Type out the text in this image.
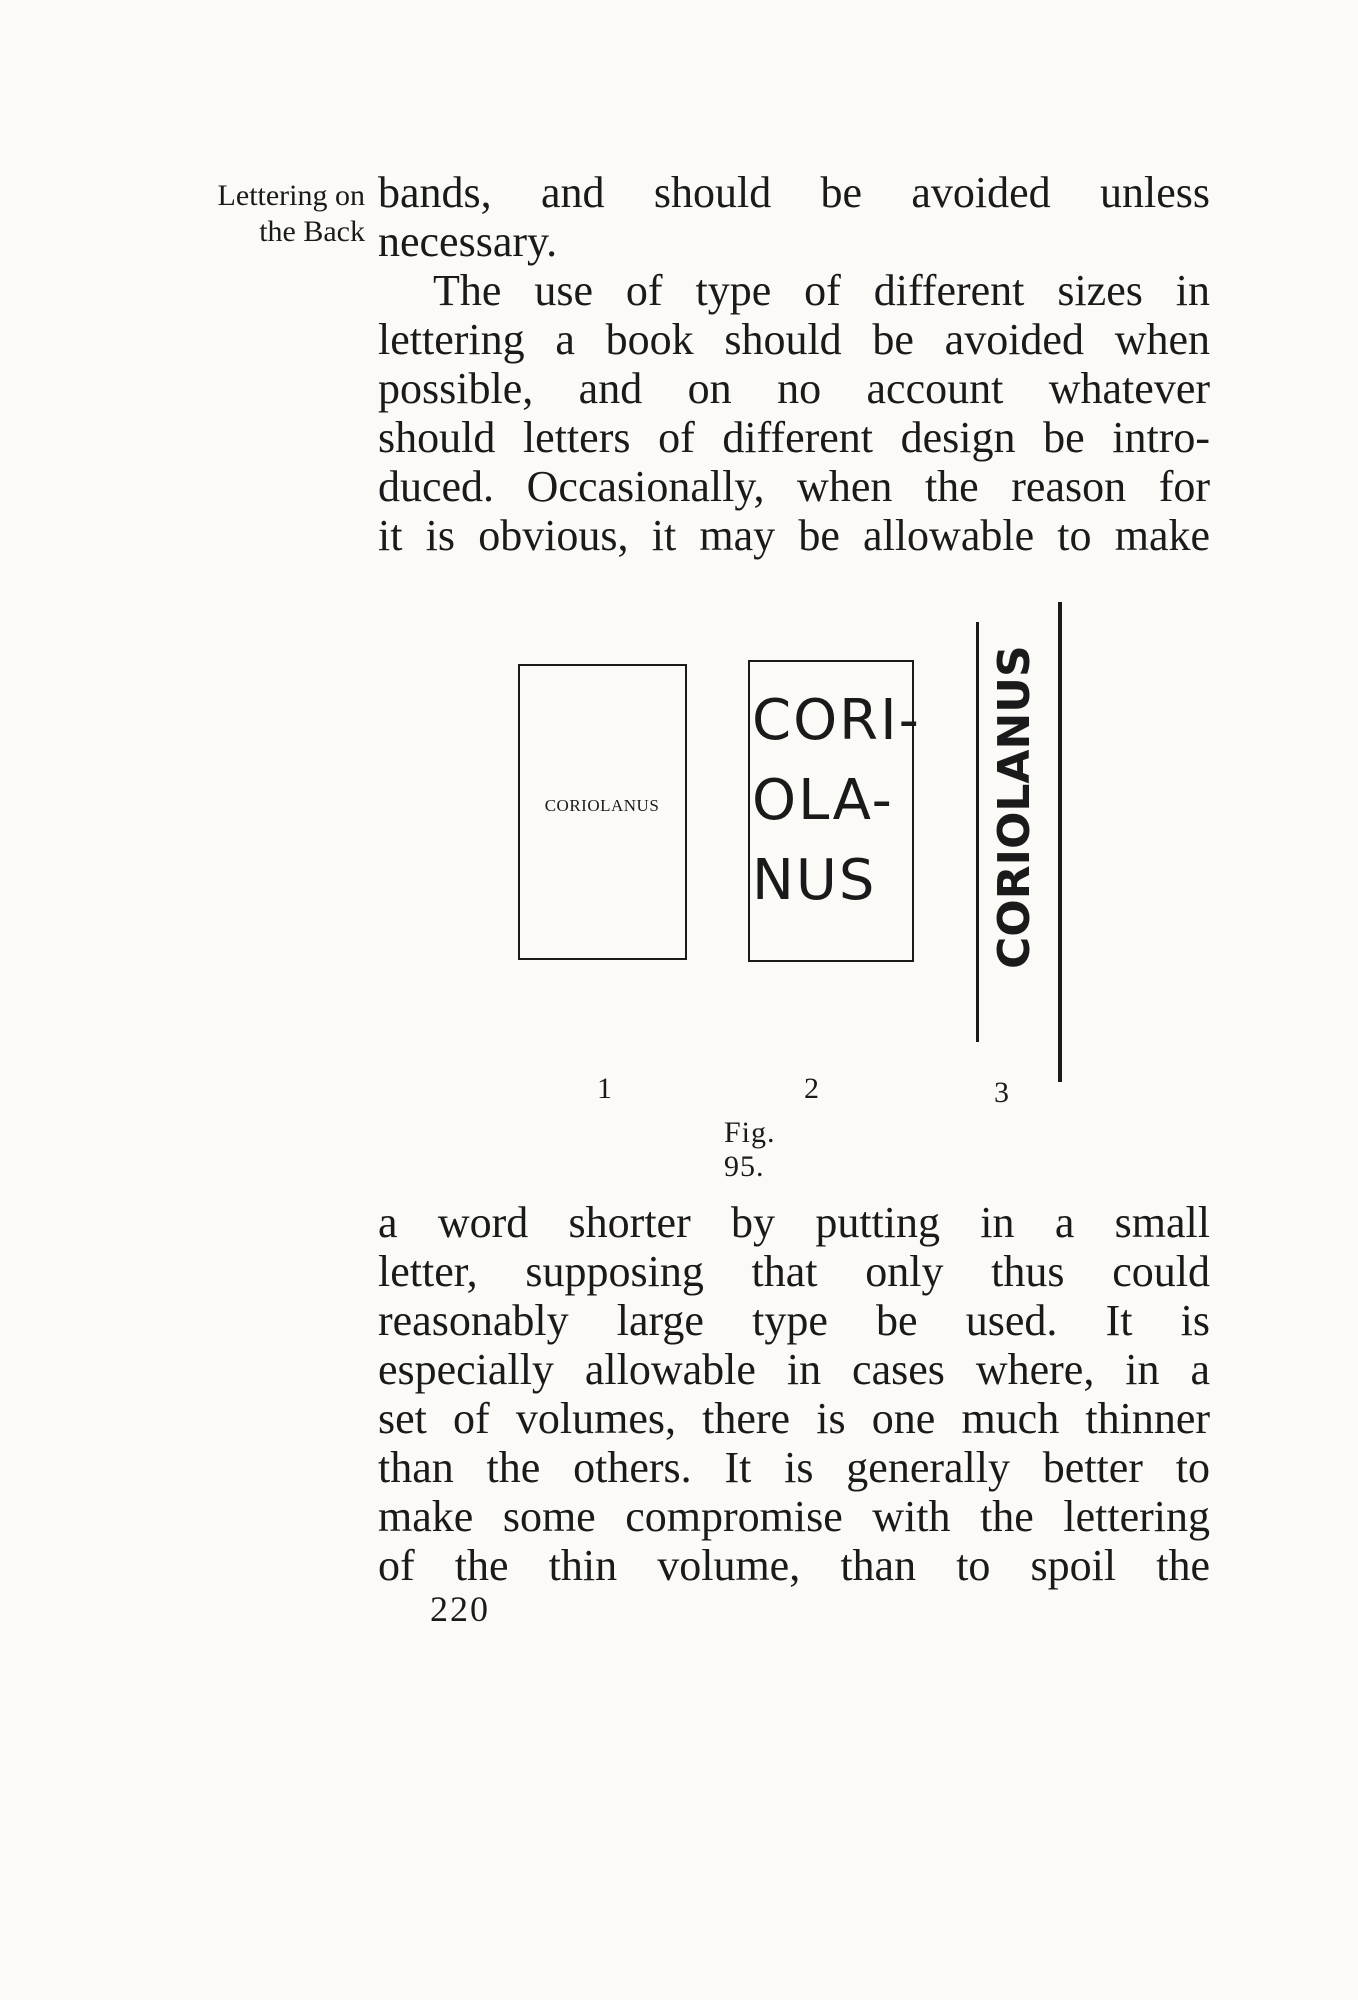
Lettering on
the Back
bands, and should be avoided unless
necessary.
The use of type of different sizes in
lettering a book should be avoided when
possible, and on no account whatever
should letters of different design be intro-
duced. Occasionally, when the reason for
it is obvious, it may be allowable to make
CORIOLANUS
CORI-
OLA-
NUS	CORIOLANUS
1	2	3
Fig. 95.
a word shorter by putting in a small
letter, supposing that only thus could
reasonably large type be used. It is
especially allowable in cases where, in a
set of volumes, there is one much thinner
than the others. It is generally better to
make some compromise with the lettering
of the thin volume, than to spoil the
220
